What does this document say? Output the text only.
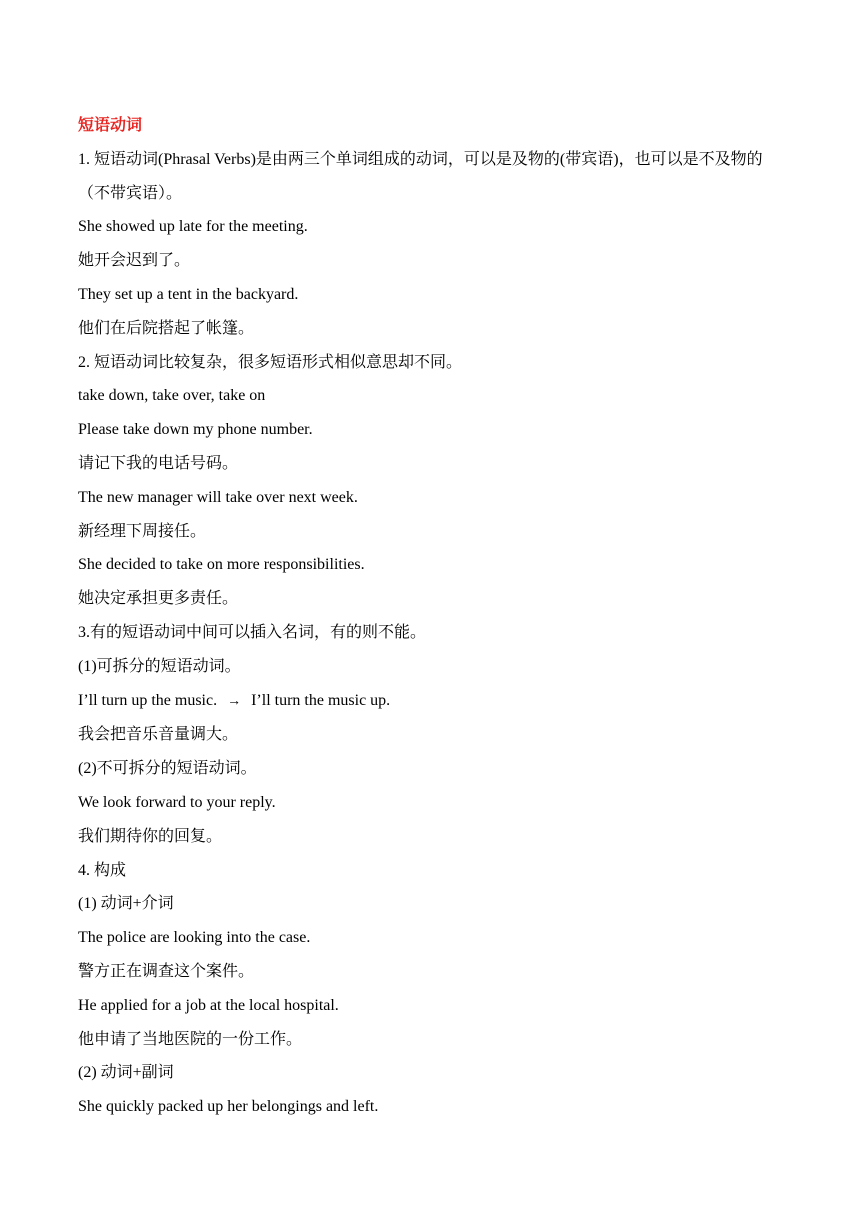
短语动词

1. 短语动词(Phrasal Verbs)是由两三个单词组成的动词，可以是及物的(带宾语)，也可以是不及物的（不带宾语）。

She showed up late for the meeting.

她开会迟到了。

They set up a tent in the backyard.

他们在后院搭起了帐篷。

2. 短语动词比较复杂，很多短语形式相似意思却不同。

take down, take over, take on

Please take down my phone number.

请记下我的电话号码。

The new manager will take over next week.

新经理下周接任。

She decided to take on more responsibilities.

她决定承担更多责任。

3.有的短语动词中间可以插入名词，有的则不能。

(1)可拆分的短语动词。

I’ll turn up the music. → I’ll turn the music up.

我会把音乐音量调大。

(2)不可拆分的短语动词。

We look forward to your reply.

我们期待你的回复。

4. 构成

(1) 动词+介词

The police are looking into the case.

警方正在调查这个案件。

He applied for a job at the local hospital.

他申请了当地医院的一份工作。

(2) 动词+副词

She quickly packed up her belongings and left.
